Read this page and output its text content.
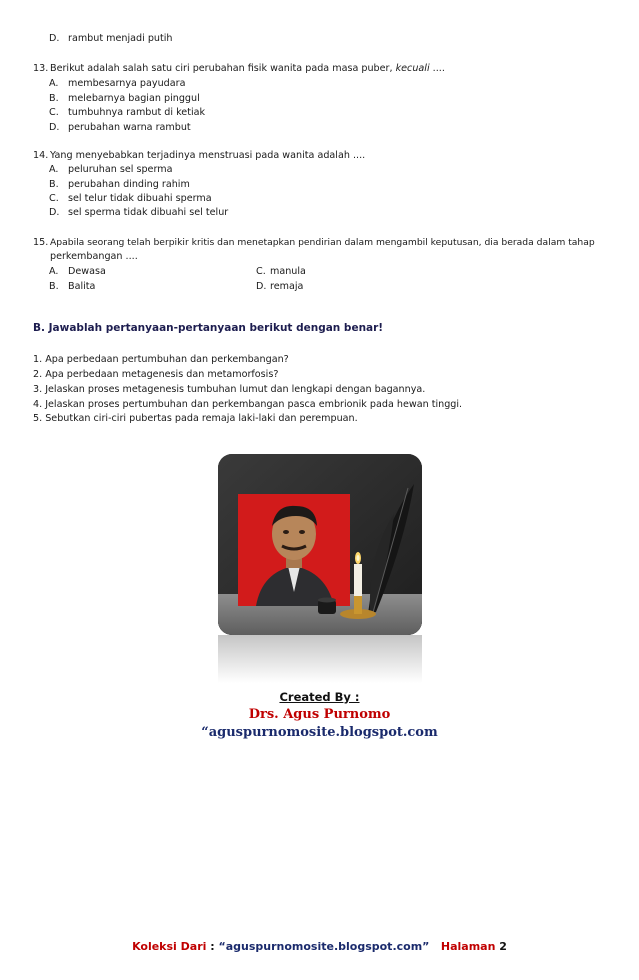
D. rambut menjadi putih
13. Berikut adalah salah satu ciri perubahan fisik wanita pada masa puber, kecuali ....
A. membesarnya payudara
B. melebarnya bagian pinggul
C. tumbuhnya rambut di ketiak
D. perubahan warna rambut
14. Yang menyebabkan terjadinya menstruasi pada wanita adalah ....
A. peluruhan sel sperma
B. perubahan dinding rahim
C. sel telur tidak dibuahi sperma
D. sel sperma tidak dibuahi sel telur
15. Apabila seorang telah berpikir kritis dan menetapkan pendirian dalam mengambil keputusan, dia berada dalam tahap
perkembangan ....
A. Dewasa	C. manula
B. Balita	D. remaja
B. Jawablah pertanyaan-pertanyaan berikut dengan benar!
1. Apa perbedaan pertumbuhan dan perkembangan?
2. Apa perbedaan metagenesis dan metamorfosis?
3. Jelaskan proses metagenesis tumbuhan lumut dan lengkapi dengan bagannya.
4. Jelaskan proses pertumbuhan dan perkembangan pasca embrionik pada hewan tinggi.
5. Sebutkan ciri-ciri pubertas pada remaja laki-laki dan perempuan.
Created By :
Drs. Agus Purnomo
“aguspurnomosite.blogspot.com
Koleksi Dari : “aguspurnomosite.blogspot.com” Halaman 2
